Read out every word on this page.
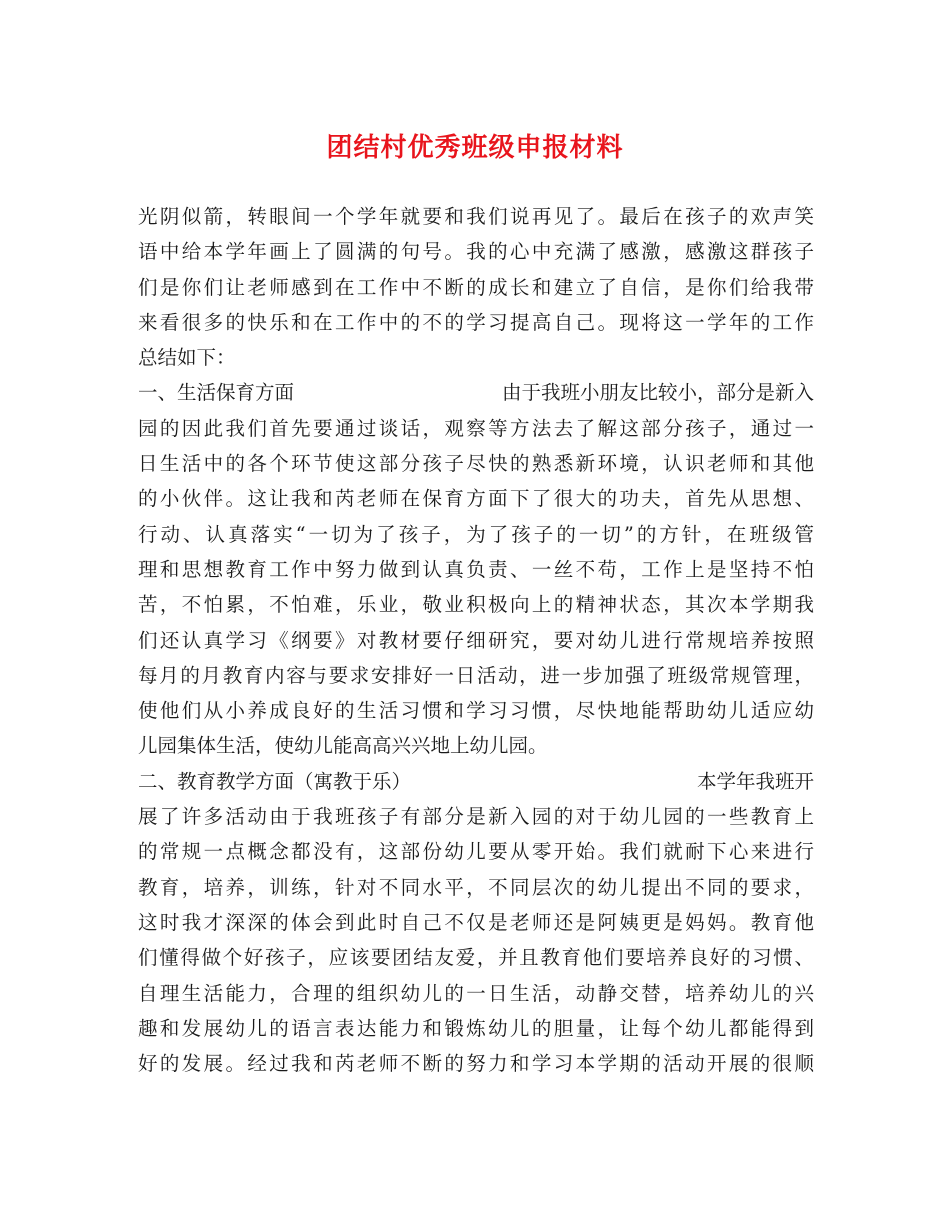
团结村优秀班级申报材料
光阴似箭，转眼间一个学年就要和我们说再见了。最后在孩子的欢声笑
语中给本学年画上了圆满的句号。我的心中充满了感激，感激这群孩子
们是你们让老师感到在工作中不断的成长和建立了自信，是你们给我带
来看很多的快乐和在工作中的不的学习提高自己。现将这一学年的工作
总结如下：
一、生活保育方面	由于我班小朋友比较小，部分是新入
园的因此我们首先要通过谈话，观察等方法去了解这部分孩子，通过一
日生活中的各个环节使这部分孩子尽快的熟悉新环境，认识老师和其他
的小伙伴。这让我和芮老师在保育方面下了很大的功夫，首先从思想、
行动、认真落实“一切为了孩子，为了孩子的一切”的方针，在班级管
理和思想教育工作中努力做到认真负责、一丝不苟，工作上是坚持不怕
苦，不怕累，不怕难，乐业，敬业积极向上的精神状态，其次本学期我
们还认真学习《纲要》对教材要仔细研究，要对幼儿进行常规培养按照
每月的月教育内容与要求安排好一日活动，进一步加强了班级常规管理，
使他们从小养成良好的生活习惯和学习习惯，尽快地能帮助幼儿适应幼
儿园集体生活，使幼儿能高高兴兴地上幼儿园。
二、教育教学方面（寓教于乐）	本学年我班开
展了许多活动由于我班孩子有部分是新入园的对于幼儿园的一些教育上
的常规一点概念都没有，这部份幼儿要从零开始。我们就耐下心来进行
教育，培养，训练，针对不同水平，不同层次的幼儿提出不同的要求，
这时我才深深的体会到此时自己不仅是老师还是阿姨更是妈妈。教育他
们懂得做个好孩子，应该要团结友爱，并且教育他们要培养良好的习惯、
自理生活能力，合理的组织幼儿的一日生活，动静交替，培养幼儿的兴
趣和发展幼儿的语言表达能力和锻炼幼儿的胆量，让每个幼儿都能得到
好的发展。经过我和芮老师不断的努力和学习本学期的活动开展的很顺
